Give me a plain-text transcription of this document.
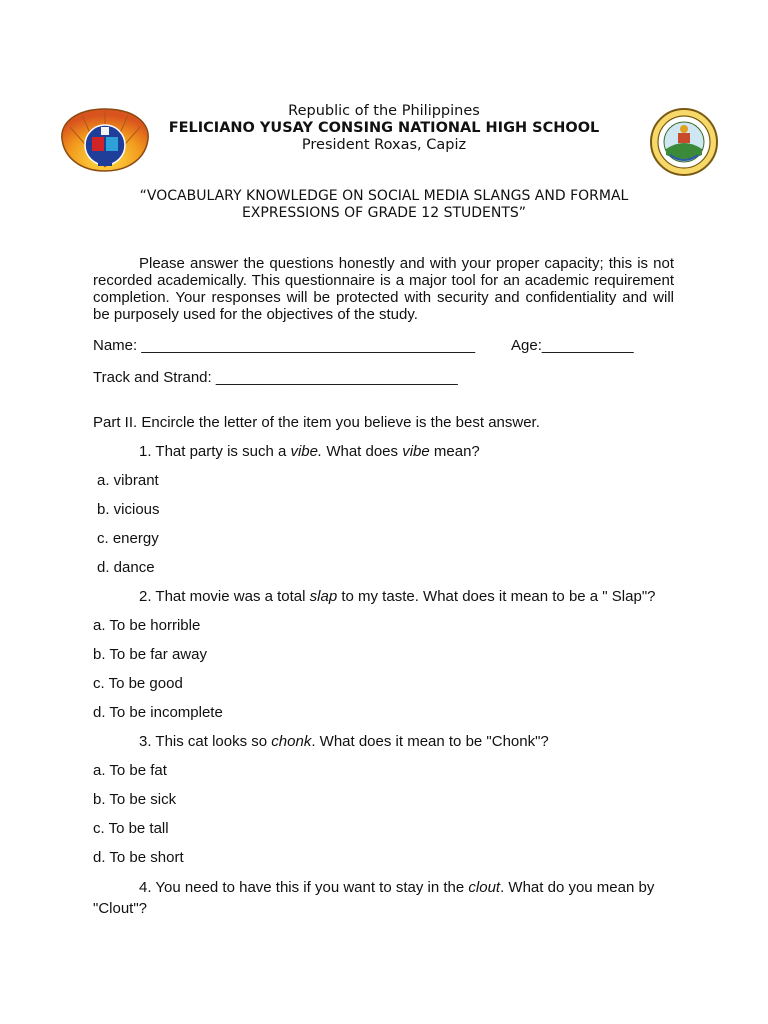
Republic of the Philippines
FELICIANO YUSAY CONSING NATIONAL HIGH SCHOOL
President Roxas, Capiz
“VOCABULARY KNOWLEDGE ON SOCIAL MEDIA SLANGS AND FORMAL
EXPRESSIONS OF GRADE 12 STUDENTS”

Please answer the questions honestly and with your proper capacity; this is not recorded academically. This questionnaire is a major tool for an academic requirement completion. Your responses will be protected with security and confidentiality and will be purposely used for the objectives of the study.

Name: ________________________________________ Age:___________

Track and Strand: _____________________________

Part II. Encircle the letter of the item you believe is the best answer.

1. That party is such a vibe. What does vibe mean?

a. vibrant

b. vicious

c. energy

d. dance

2. That movie was a total slap to my taste. What does it mean to be a " Slap"?

a. To be horrible

b. To be far away

c. To be good

d. To be incomplete

3. This cat looks so chonk. What does it mean to be "Chonk"?

a. To be fat

b. To be sick

c. To be tall

d. To be short

4. You need to have this if you want to stay in the clout. What do you mean by "Clout"?
